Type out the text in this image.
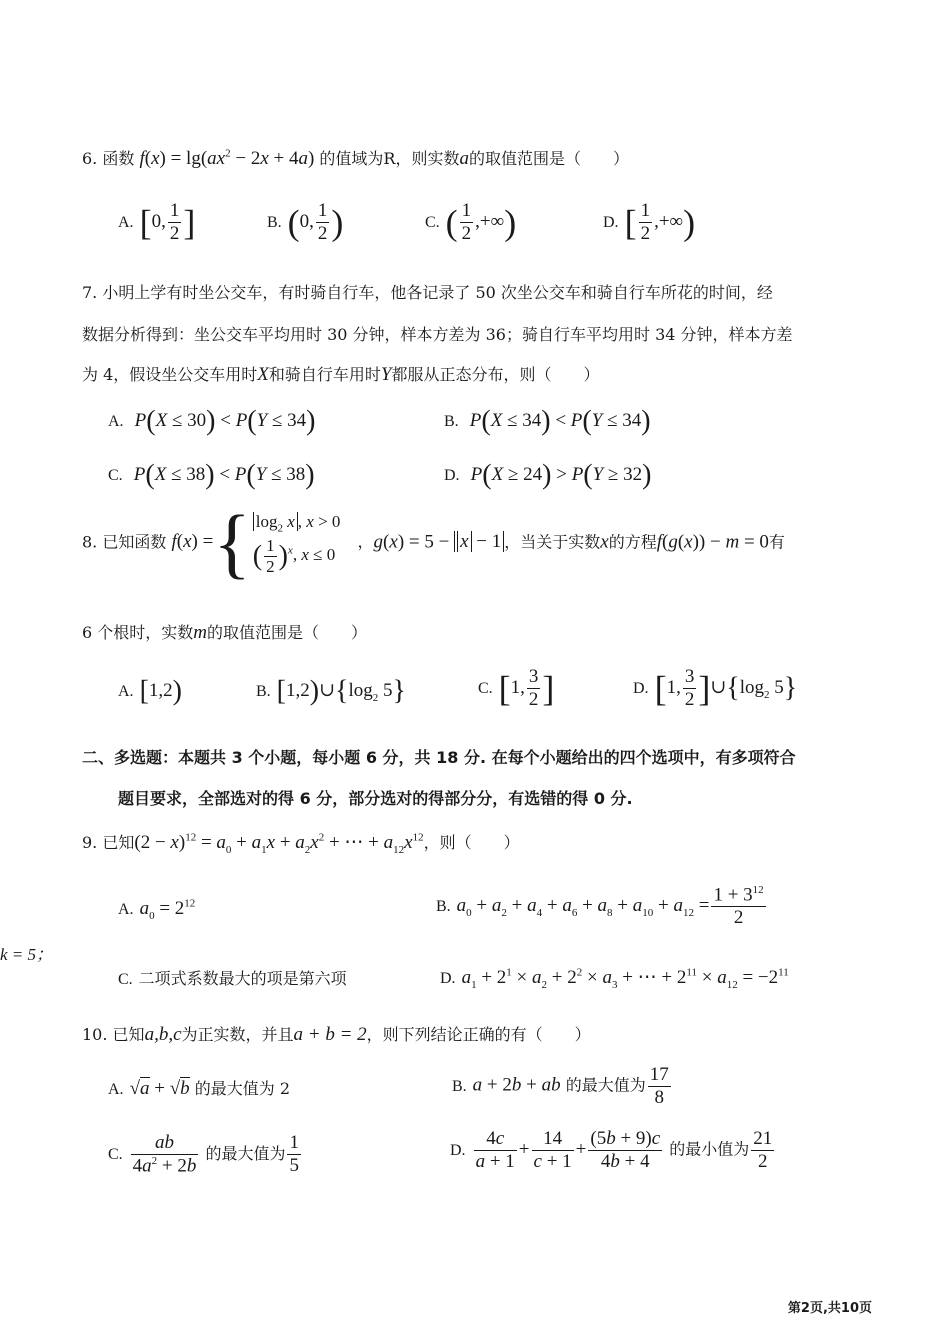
6. 函数 $f(x) = \lg(ax^2 - 2x + 4a)$ 的值域为R，则实数a的取值范围是（　　）
A. [0, $\frac{1}{2}$ ]	B. (0, $\frac{1}{2}$ )	C. ( $\frac{1}{2}$ ,+∞)	D. [ $\frac{1}{2}$ ,+∞)
7. 小明上学有时坐公交车，有时骑自行车，他各记录了 50 次坐公交车和骑自行车所花的时间，经
数据分析得到：坐公交车平均用时 30 分钟，样本方差为 36；骑自行车平均用时 34 分钟，样本方差
为 4，假设坐公交车用时X和骑自行车用时Y都服从正态分布，则（　　）
A. P(X ≤ 30) < P(Y ≤ 34)	B. P(X ≤ 34) < P(Y ≤ 34)
C. P(X ≤ 38) < P(Y ≤ 38)	D. P(X ≥ 24) > P(Y ≥ 32)
8. 已知函数 f(x) ={ $\log_2 x$ , x > 0
( $\frac{1}{2} )^x$, x ≤ 0
，g(x) = 5 − x − 1 ，当关于实数x的方程f(g(x)) − m = 0有
6 个根时，实数m的取值范围是（　　）
A. [1,2)	B. $[1,2)\cup\{\log_2$ 5}	C. [1, $\frac{3}{2}$ ]	D. [1, $\frac{3}{2}$ ]$\cup\{\log_2$ 5}
二、多选题：本题共 3 个小题，每小题 6 分，共 18 分. 在每个小题给出的四个选项中，有多项符合
题目要求，全部选对的得 6 分，部分选对的得部分分，有选错的得 0 分.
9. 已知$(2 - x)^{12} = a_0 + a_1x + a_2x^2$ + ⋯ + $a_{12}x^{12}$，则（　　）
A. $a_0 = 2^{12}$	B. $a_0 + a_2 + a_4 + a_6 + a_8 + a_{10} + a_{12} = \frac{1 + 3^{12}}{2}$
k = 5；
C. 二项式系数最大的项是第六项	D. $a_1 + 2^1 \times a_2 + 2^2 \times a_3$ + ⋯ + $2^{11} \times a_{12} = -2^{11}$
10. 已知a,b,c为正实数，并且a + b = 2，则下列结论正确的有（　　）
A. √a + √b 的最大值为 2	B. a + 2b + ab 的最大值为 $\frac{17}{8}$
C. $\frac{ab}{4a^2 + 2b}$ 的最大值为 $\frac{1}{5}$	D. $\frac{4c}{a + 1} + \frac{14}{c + 1} + \frac{(5b + 9)c}{4b + 4}$ 的最小值为 $\frac{21}{2}$
第2页,共10页
